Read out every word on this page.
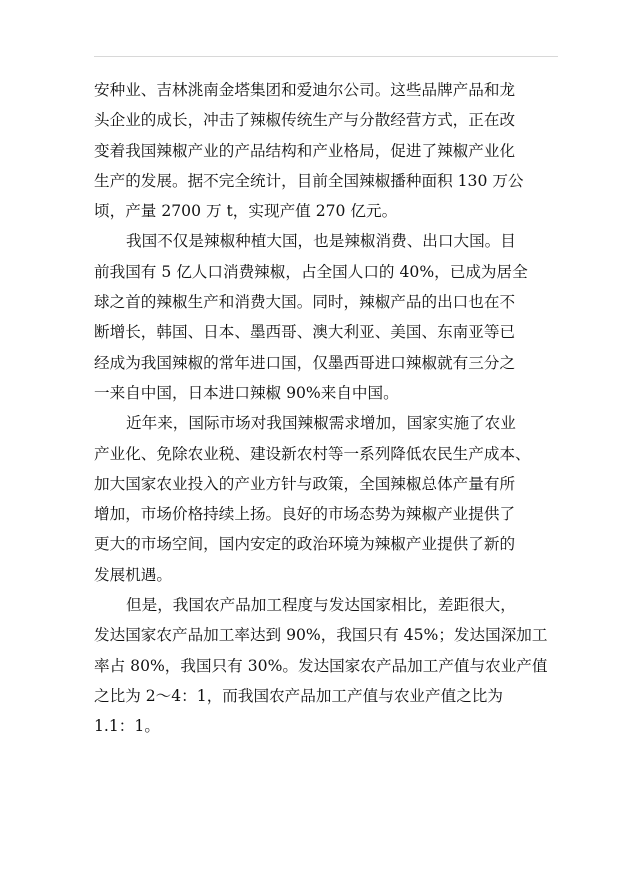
安种业、吉林洮南金塔集团和爱迪尔公司。这些品牌产品和龙
头企业的成长，冲击了辣椒传统生产与分散经营方式，正在改
变着我国辣椒产业的产品结构和产业格局，促进了辣椒产业化
生产的发展。据不完全统计，目前全国辣椒播种面积 130 万公
顷，产量 2700 万 t，实现产值 270 亿元。
我国不仅是辣椒种植大国，也是辣椒消费、出口大国。目
前我国有 5 亿人口消费辣椒，占全国人口的 40%，已成为居全
球之首的辣椒生产和消费大国。同时，辣椒产品的出口也在不
断增长，韩国、日本、墨西哥、澳大利亚、美国、东南亚等已
经成为我国辣椒的常年进口国，仅墨西哥进口辣椒就有三分之
一来自中国，日本进口辣椒 90%来自中国。
近年来，国际市场对我国辣椒需求增加，国家实施了农业
产业化、免除农业税、建设新农村等一系列降低农民生产成本、
加大国家农业投入的产业方针与政策，全国辣椒总体产量有所
增加，市场价格持续上扬。良好的市场态势为辣椒产业提供了
更大的市场空间，国内安定的政治环境为辣椒产业提供了新的
发展机遇。
但是，我国农产品加工程度与发达国家相比，差距很大，
发达国家农产品加工率达到 90%，我国只有 45%；发达国深加工
率占 80%，我国只有 30%。发达国家农产品加工产值与农业产值
之比为 2～4：1，而我国农产品加工产值与农业产值之比为
1.1：1。
